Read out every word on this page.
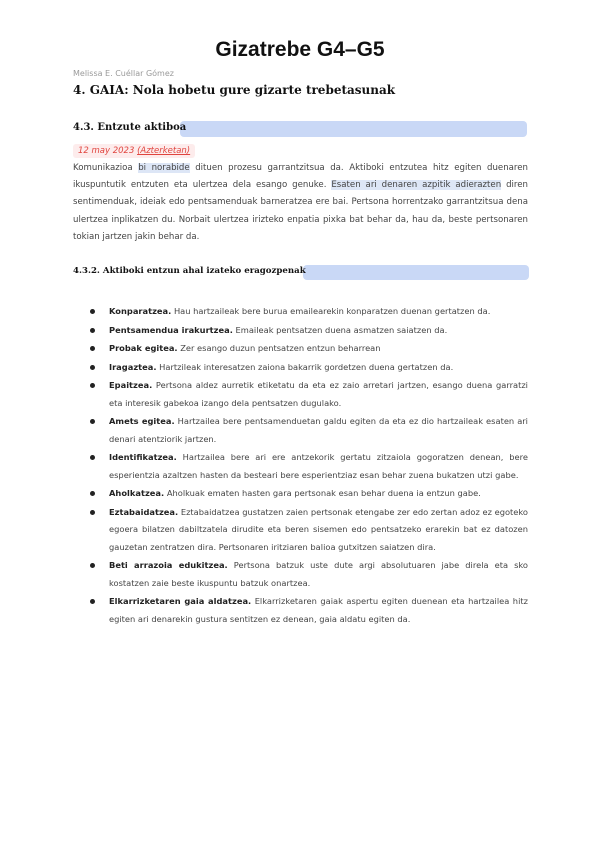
Gizatrebe G4–G5
Melissa E. Cuéllar Gómez
4. GAIA: Nola hobetu gure gizarte trebetasunak
4.3. Entzute aktiboa
12 may 2023 (Azterketan)
Komunikazioa bi norabide dituen prozesu garrantzitsua da. Aktiboki entzutea hitz egiten duenaren ikuspuntutik entzuten eta ulertzea dela esango genuke. Esaten ari denaren azpitik adierazten diren sentimenduak, ideiak edo pentsamenduak barneratzea ere bai. Pertsona horrentzako garrantzitsua dena ulertzea inplikatzen du. Norbait ulertzea irizteko enpatia pixka bat behar da, hau da, beste pertsonaren tokian jartzen jakin behar da.
4.3.2. Aktiboki entzun ahal izateko eragozpenak
Konparatzea. Hau hartzaileak bere burua emailearekin konparatzen duenan gertatzen da.
Pentsamendua irakurtzea. Emaileak pentsatzen duena asmatzen saiatzen da.
Probak egitea. Zer esango duzun pentsatzen entzun beharrean
Iragaztea. Hartzileak interesatzen zaiona bakarrik gordetzen duena gertatzen da.
Epaitzea. Pertsona aldez aurretik etiketatu da eta ez zaio arretari jartzen, esango duena garratzi eta interesik gabekoa izango dela pentsatzen dugulako.
Amets egitea. Hartzailea bere pentsamenduetan galdu egiten da eta ez dio hartzaileak esaten ari denari atentziorik jartzen.
Identifikatzea. Hartzailea bere ari ere antzekorik gertatu zitzaiola gogoratzen denean, bere esperientzia azaltzen hasten da besteari bere esperientziaz esan behar zuena bukatzen utzi gabe.
Aholkatzea. Aholkuak ematen hasten gara pertsonak esan behar duena ia entzun gabe.
Eztabaidatzea. Eztabaidatzea gustatzen zaien pertsonak etengabe zer edo zertan adoz ez egoteko egoera bilatzen dabiltzatela dirudite eta beren sisemen edo pentsatzeko erarekin bat ez datozen gauzetan zentratzen dira. Pertsonaren iritziaren balioa gutxitzen saiatzen dira.
Beti arrazoia edukitzea. Pertsona batzuk uste dute argi absolutuaren jabe direla eta sko kostatzen zaie beste ikuspuntu batzuk onartzea.
Elkarrizketaren gaia aldatzea. Elkarrizketaren gaiak aspertu egiten duenean eta hartzailea hitz egiten ari denarekin gustura sentitzen ez denean, gaia aldatu egiten da.
